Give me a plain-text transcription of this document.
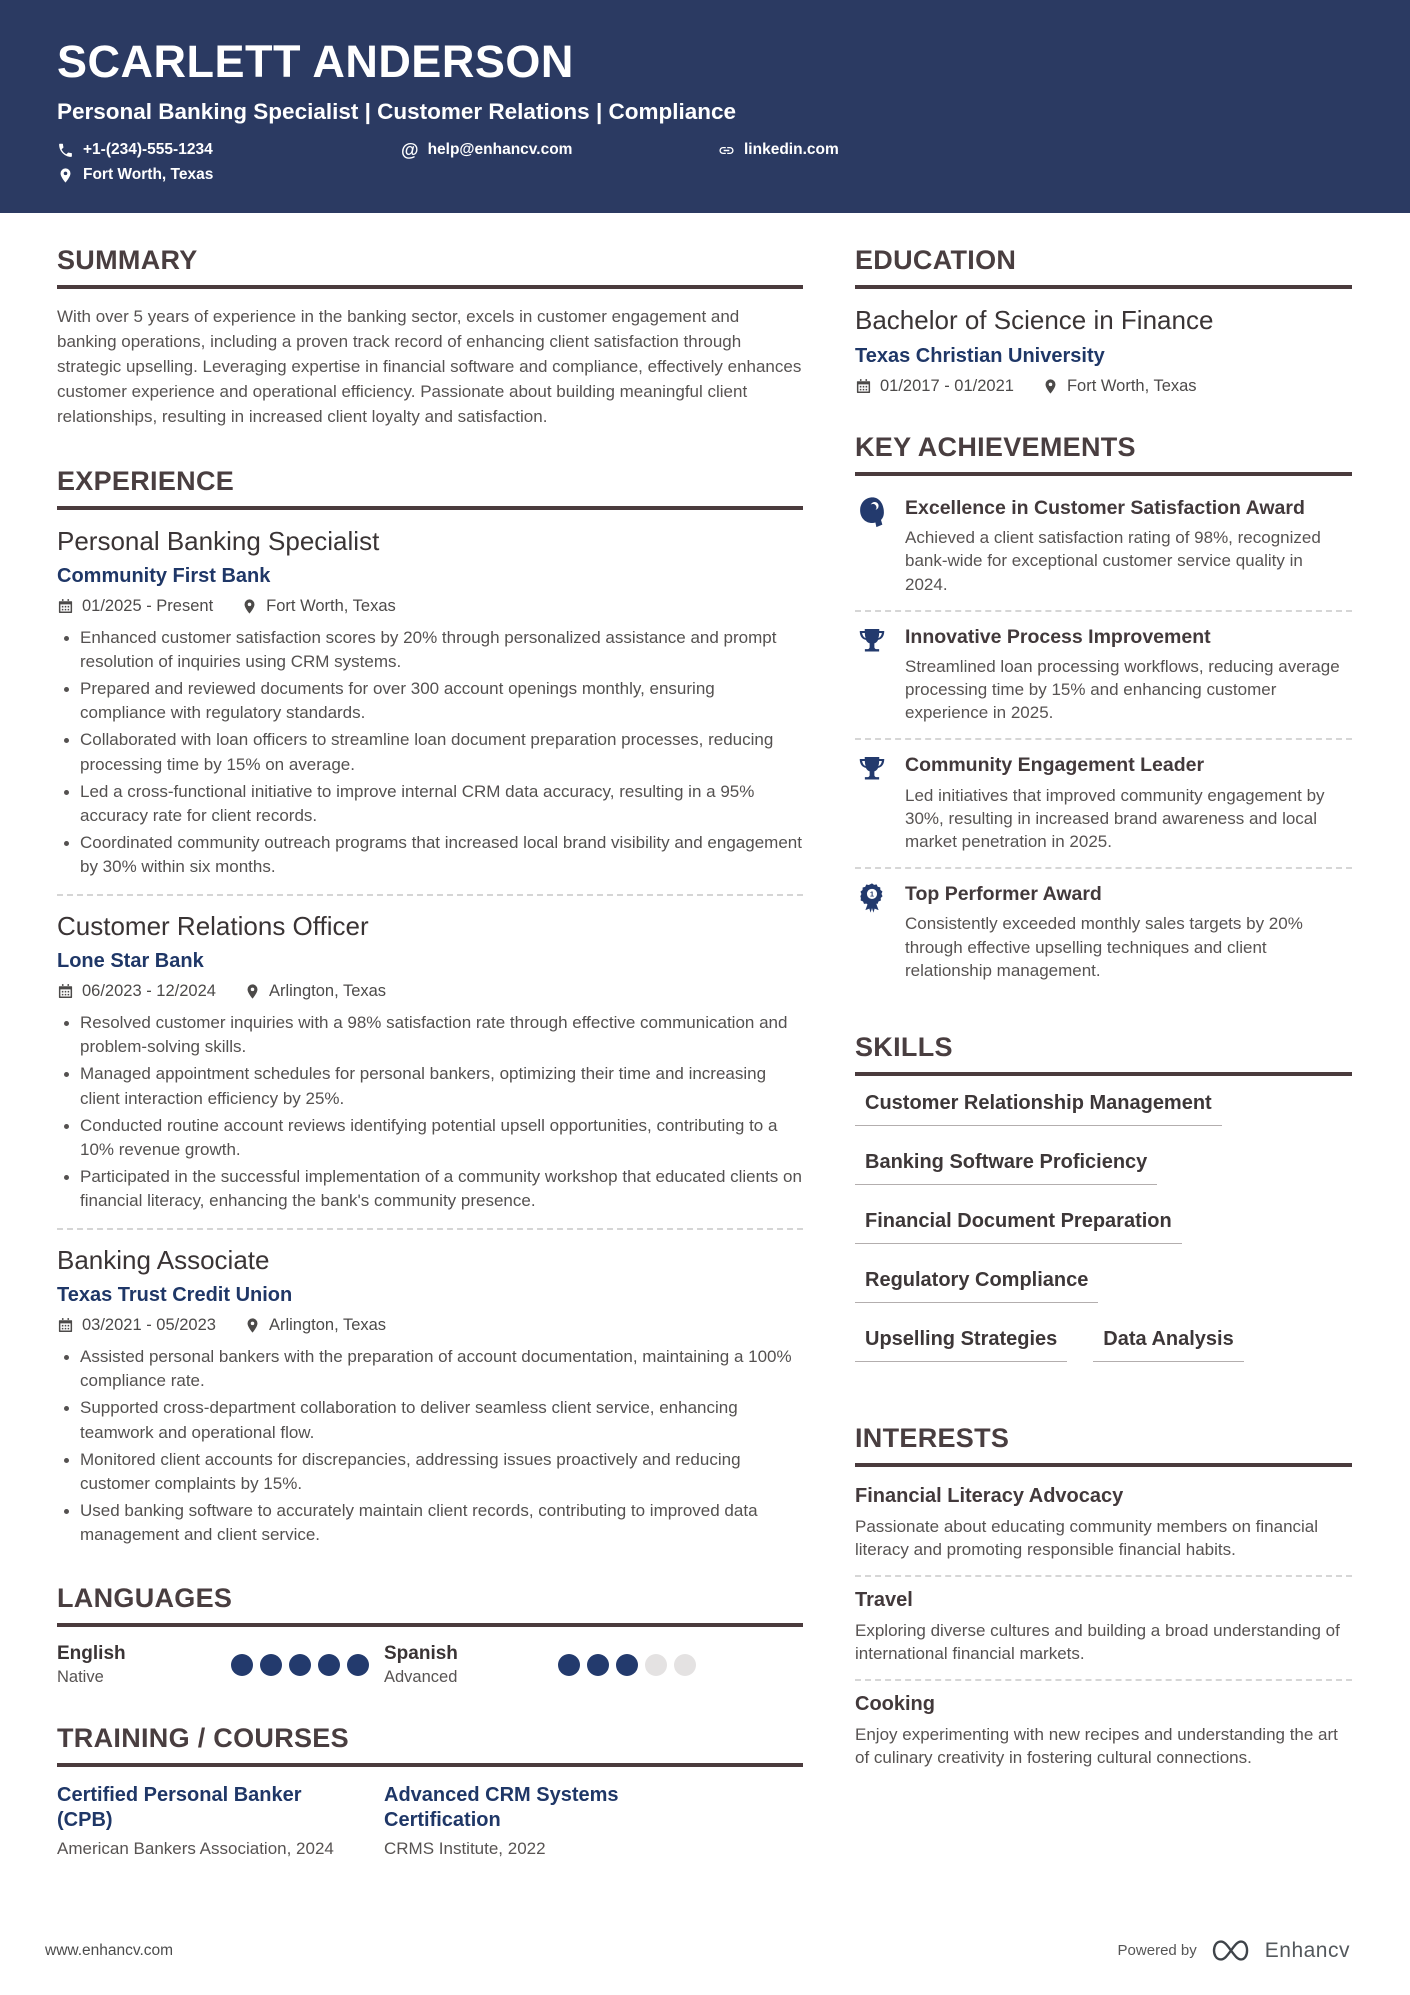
SCARLETT ANDERSON
Personal Banking Specialist | Customer Relations | Compliance
+1-(234)-555-1234	@ help@enhancv.com	linkedin.com
Fort Worth, Texas
SUMMARY

With over 5 years of experience in the banking sector, excels in customer engagement and banking operations, including a proven track record of enhancing client satisfaction through strategic upselling. Leveraging expertise in financial software and compliance, effectively enhances customer experience and operational efficiency. Passionate about building meaningful client relationships, resulting in increased client loyalty and satisfaction.

EXPERIENCE
Personal Banking Specialist
Community First Bank
01/2025 - Present	Fort Worth, Texas
Enhanced customer satisfaction scores by 20% through personalized assistance and prompt resolution of inquiries using CRM systems.
Prepared and reviewed documents for over 300 account openings monthly, ensuring compliance with regulatory standards.
Collaborated with loan officers to streamline loan document preparation processes, reducing processing time by 15% on average.
Led a cross-functional initiative to improve internal CRM data accuracy, resulting in a 95% accuracy rate for client records.
Coordinated community outreach programs that increased local brand visibility and engagement by 30% within six months.
Customer Relations Officer
Lone Star Bank
06/2023 - 12/2024	Arlington, Texas
Resolved customer inquiries with a 98% satisfaction rate through effective communication and problem-solving skills.
Managed appointment schedules for personal bankers, optimizing their time and increasing client interaction efficiency by 25%.
Conducted routine account reviews identifying potential upsell opportunities, contributing to a 10% revenue growth.
Participated in the successful implementation of a community workshop that educated clients on financial literacy, enhancing the bank's community presence.
Banking Associate
Texas Trust Credit Union
03/2021 - 05/2023	Arlington, Texas
Assisted personal bankers with the preparation of account documentation, maintaining a 100% compliance rate.
Supported cross-department collaboration to deliver seamless client service, enhancing teamwork and operational flow.
Monitored client accounts for discrepancies, addressing issues proactively and reducing customer complaints by 15%.
Used banking software to accurately maintain client records, contributing to improved data management and client service.
LANGUAGES
English
Native
Spanish
Advanced
TRAINING / COURSES
Certified Personal Banker (CPB)
American Bankers Association, 2024
Advanced CRM Systems Certification
CRMS Institute, 2022
EDUCATION
Bachelor of Science in Finance
Texas Christian University
01/2017 - 01/2021	Fort Worth, Texas
KEY ACHIEVEMENTS
Excellence in Customer Satisfaction Award
Achieved a client satisfaction rating of 98%, recognized bank-wide for exceptional customer service quality in 2024.
Innovative Process Improvement
Streamlined loan processing workflows, reducing average processing time by 15% and enhancing customer experience in 2025.
Community Engagement Leader
Led initiatives that improved community engagement by 30%, resulting in increased brand awareness and local market penetration in 2025.
Top Performer Award
Consistently exceeded monthly sales targets by 20% through effective upselling techniques and client relationship management.
SKILLS
Customer Relationship ManagementBanking Software ProficiencyFinancial Document PreparationRegulatory ComplianceUpselling Strategies Data Analysis
INTERESTS
Financial Literacy Advocacy
Passionate about educating community members on financial literacy and promoting responsible financial habits.
Travel
Exploring diverse cultures and building a broad understanding of international financial markets.
Cooking
Enjoy experimenting with new recipes and understanding the art of culinary creativity in fostering cultural connections.
www.enhancv.com	Powered by	Enhancv
